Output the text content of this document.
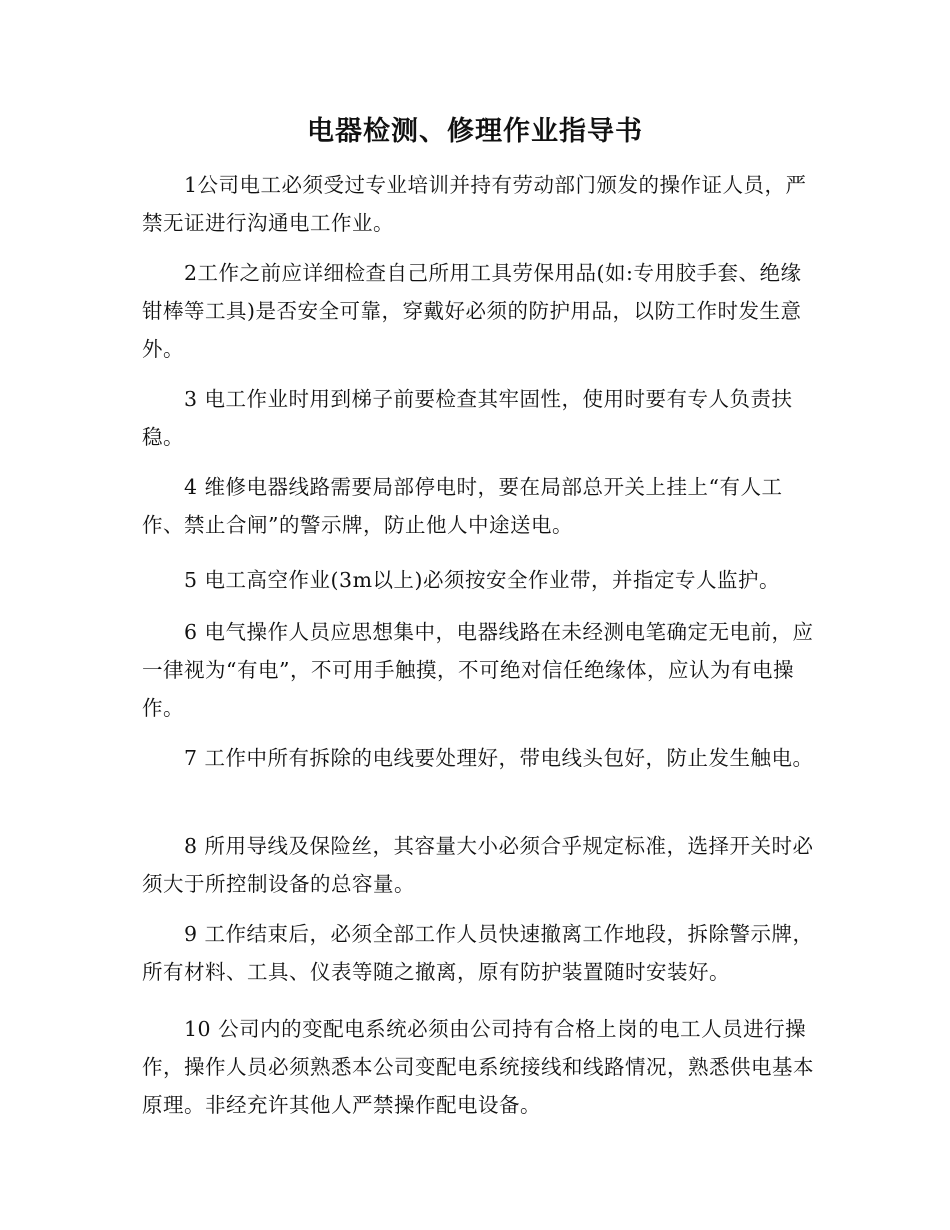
电器检测、修理作业指导书

1公司电工必须受过专业培训并持有劳动部门颁发的操作证人员，严禁无证进行沟通电工作业。

2工作之前应详细检查自己所用工具劳保用品(如:专用胶手套、绝缘钳棒等工具)是否安全可靠，穿戴好必须的防护用品，以防工作时发生意外。

3 电工作业时用到梯子前要检查其牢固性，使用时要有专人负责扶稳。

4 维修电器线路需要局部停电时，要在局部总开关上挂上“有人工作、禁止合闸”的警示牌，防止他人中途送电。

5 电工高空作业(3m以上)必须按安全作业带，并指定专人监护。

6 电气操作人员应思想集中，电器线路在未经测电笔确定无电前，应一律视为“有电”，不可用手触摸，不可绝对信任绝缘体，应认为有电操作。

7 工作中所有拆除的电线要处理好，带电线头包好，防止发生触电。

8 所用导线及保险丝，其容量大小必须合乎规定标准，选择开关时必须大于所控制设备的总容量。

9 工作结束后，必须全部工作人员快速撤离工作地段，拆除警示牌，所有材料、工具、仪表等随之撤离，原有防护装置随时安装好。

10 公司内的变配电系统必须由公司持有合格上岗的电工人员进行操作，操作人员必须熟悉本公司变配电系统接线和线路情况，熟悉供电基本原理。非经充许其他人严禁操作配电设备。
